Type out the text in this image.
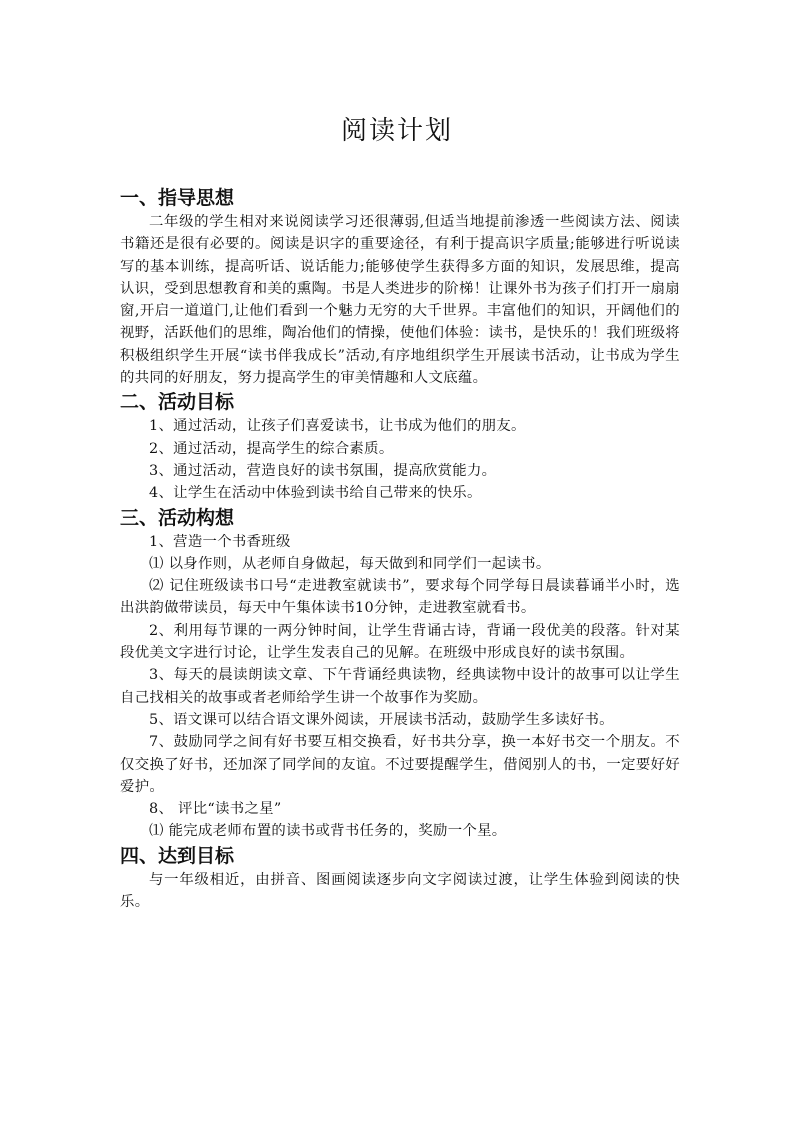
阅读计划
一、指导思想

二年级的学生相对来说阅读学习还很薄弱,但适当地提前渗透一些阅读方法、阅读书籍还是很有必要的。阅读是识字的重要途径，有利于提高识字质量;能够进行听说读写的基本训练，提高听话、说话能力;能够使学生获得多方面的知识，发展思维，提高认识，受到思想教育和美的熏陶。书是人类进步的阶梯！让课外书为孩子们打开一扇扇窗,开启一道道门,让他们看到一个魅力无穷的大千世界。丰富他们的知识，开阔他们的视野，活跃他们的思维，陶冶他们的情操，使他们体验：读书，是快乐的！我们班级将积极组织学生开展“读书伴我成长”活动,有序地组织学生开展读书活动，让书成为学生的共同的好朋友，努力提高学生的审美情趣和人文底蕴。

二、活动目标

1、通过活动，让孩子们喜爱读书，让书成为他们的朋友。

2、通过活动，提高学生的综合素质。

3、通过活动，营造良好的读书氛围，提高欣赏能力。

4、让学生在活动中体验到读书给自己带来的快乐。

三、活动构想

1、营造一个书香班级

⑴ 以身作则，从老师自身做起，每天做到和同学们一起读书。

⑵ 记住班级读书口号“走进教室就读书”，要求每个同学每日晨读暮诵半小时，选出洪韵做带读员，每天中午集体读书10分钟，走进教室就看书。

2、利用每节课的一两分钟时间，让学生背诵古诗，背诵一段优美的段落。针对某段优美文字进行讨论，让学生发表自己的见解。在班级中形成良好的读书氛围。

3、每天的晨读朗读文章、下午背诵经典读物，经典读物中设计的故事可以让学生自己找相关的故事或者老师给学生讲一个故事作为奖励。

5、语文课可以结合语文课外阅读，开展读书活动，鼓励学生多读好书。

7、鼓励同学之间有好书要互相交换看，好书共分享，换一本好书交一个朋友。不仅交换了好书，还加深了同学间的友谊。不过要提醒学生，借阅别人的书，一定要好好爱护。

8、 评比“读书之星”

⑴ 能完成老师布置的读书或背书任务的，奖励一个星。

四、达到目标

与一年级相近，由拼音、图画阅读逐步向文字阅读过渡，让学生体验到阅读的快乐。
